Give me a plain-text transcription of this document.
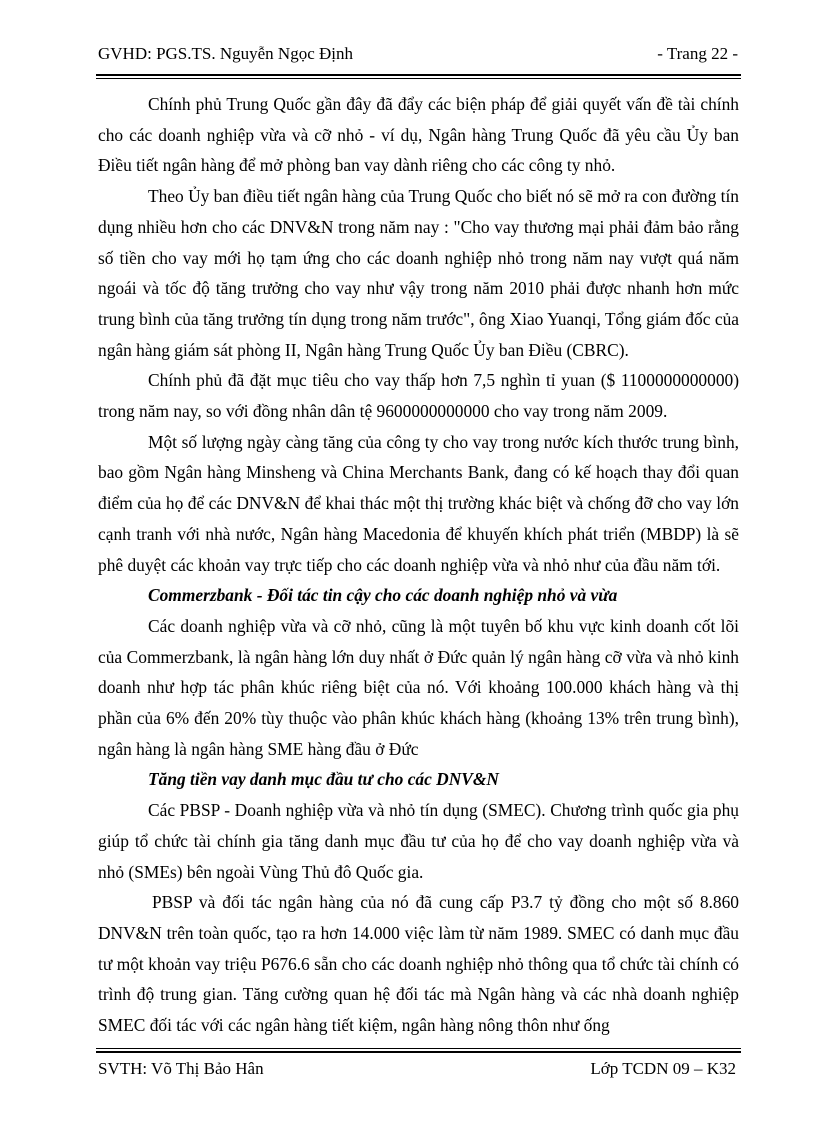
GVHD: PGS.TS. Nguyễn Ngọc Định	- Trang 22 -

Chính phủ Trung Quốc gần đây đã đẩy các biện pháp để giải quyết vấn đề tài chính cho các doanh nghiệp vừa và cỡ nhỏ - ví dụ, Ngân hàng Trung Quốc đã yêu cầu Ủy ban Điều tiết ngân hàng để mở phòng ban vay dành riêng cho các công ty nhỏ.

Theo Ủy ban điều tiết ngân hàng của Trung Quốc cho biết nó sẽ mở ra con đường tín dụng nhiều hơn cho các DNV&N trong năm nay : "Cho vay thương mại phải đảm bảo rằng số tiền cho vay mới họ tạm ứng cho các doanh nghiệp nhỏ trong năm nay vượt quá năm ngoái và tốc độ tăng trưởng cho vay như vậy trong năm 2010 phải được nhanh hơn mức trung bình của tăng trưởng tín dụng trong năm trước", ông Xiao Yuanqi, Tổng giám đốc của ngân hàng giám sát phòng II, Ngân hàng Trung Quốc Ủy ban Điều (CBRC).

Chính phủ đã đặt mục tiêu cho vay thấp hơn 7,5 nghìn tỉ yuan ($ 1100000000000) trong năm nay, so với đồng nhân dân tệ 9600000000000 cho vay trong năm 2009.

Một số lượng ngày càng tăng của công ty cho vay trong nước kích thước trung bình, bao gồm Ngân hàng Minsheng và China Merchants Bank, đang có kế hoạch thay đổi quan điểm của họ để các DNV&N để khai thác một thị trường khác biệt và chống đỡ cho vay lớn cạnh tranh với nhà nước, Ngân hàng Macedonia để khuyến khích phát triển (MBDP) là sẽ phê duyệt các khoản vay trực tiếp cho các doanh nghiệp vừa và nhỏ như của đầu năm tới.

Commerzbank - Đối tác tin cậy cho các doanh nghiệp nhỏ và vừa

Các doanh nghiệp vừa và cỡ nhỏ, cũng là một tuyên bố khu vực kinh doanh cốt lõi của Commerzbank, là ngân hàng lớn duy nhất ở Đức quản lý ngân hàng cỡ vừa và nhỏ kinh doanh như hợp tác phân khúc riêng biệt của nó. Với khoảng 100.000 khách hàng và thị phần của 6% đến 20% tùy thuộc vào phân khúc khách hàng (khoảng 13% trên trung bình), ngân hàng là ngân hàng SME hàng đầu ở Đức

Tăng tiền vay danh mục đầu tư cho các DNV&N

Các PBSP - Doanh nghiệp vừa và nhỏ tín dụng (SMEC). Chương trình quốc gia phụ giúp tổ chức tài chính gia tăng danh mục đầu tư của họ để cho vay doanh nghiệp vừa và nhỏ (SMEs) bên ngoài Vùng Thủ đô Quốc gia.

PBSP và đối tác ngân hàng của nó đã cung cấp P3.7 tỷ đồng cho một số 8.860 DNV&N trên toàn quốc, tạo ra hơn 14.000 việc làm từ năm 1989. SMEC có danh mục đầu tư một khoản vay triệu P676.6 sẵn cho các doanh nghiệp nhỏ thông qua tổ chức tài chính có trình độ trung gian. Tăng cường quan hệ đối tác mà Ngân hàng và các nhà doanh nghiệp SMEC đối tác với các ngân hàng tiết kiệm, ngân hàng nông thôn như ống

SVTH: Võ Thị Bảo Hân	Lớp TCDN 09 – K32
